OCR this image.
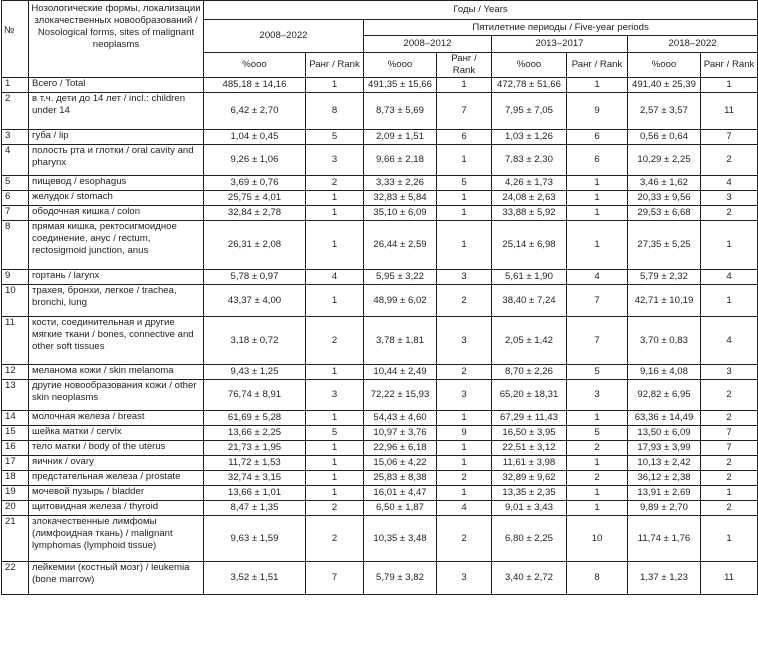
№	Нозологические формы, локализации злокачественных новообразований / Nosological forms, sites of malignant neoplasms	Годы / Years							
		2008–2022		Пятилетние периоды / Five-year periods					
				2008–2012		2013–2017		2018–2022	
		%ooo	Ранг / Rank	%ooo	Ранг / Rank	%ooo	Ранг / Rank	%ooo	Ранг / Rank
1	Всего / Total	485,18 ± 14,16	1	491,35 ± 15,66	1	472,78 ± 51,66	1	491,40 ± 25,39	1
2	в т.ч. дети до 14 лет / incl.: children under 14	6,42 ± 2,70	8	8,73 ± 5,69	7	7,95 ± 7,05	9	2,57 ± 3,57	11
3	губа / lip	1,04 ± 0,45	5	2,09 ± 1,51	6	1,03 ± 1,26	6	0,56 ± 0,64	7
4	полость рта и глотки / oral cavity and pharynx	9,26 ± 1,06	3	9,66 ± 2,18	1	7,83 ± 2,30	6	10,29 ± 2,25	2
5	пищевод / esophagus	3,69 ± 0,76	2	3,33 ± 2,26	5	4,26 ± 1,73	1	3,46 ± 1,62	4
6	желудок / stomach	25,75 ± 4,01	1	32,83 ± 5,84	1	24,08 ± 2,63	1	20,33 ± 9,56	3
7	ободочная кишка / colon	32,84 ± 2,78	1	35,10 ± 6,09	1	33,88 ± 5,92	1	29,53 ± 6,68	2
8	прямая кишка, ректосигмоидное соединение, анус / rectum, rectosigmoid junction, anus	26,31 ± 2,08	1	26,44 ± 2,59	1	25,14 ± 6,98	1	27,35 ± 5,25	1
9	гортань / larynx	5,78 ± 0,97	4	5,95 ± 3,22	3	5,61 ± 1,90	4	5,79 ± 2,32	4
10	трахея, бронхи, легкое / trachea, bronchi, lung	43,37 ± 4,00	1	48,99 ± 6,02	2	38,40 ± 7,24	7	42,71 ± 10,19	1
11	кости, соединительная и другие мягкие ткани / bones, connective and other soft tissues	3,18 ± 0,72	2	3,78 ± 1,81	3	2,05 ± 1,42	7	3,70 ± 0,83	4
12	меланома кожи / skin melanoma	9,43 ± 1,25	1	10,44 ± 2,49	2	8,70 ± 2,26	5	9,16 ± 4,08	3
13	другие новообразования кожи / other skin neoplasms	76,74 ± 8,91	3	72,22 ± 15,93	3	65,20 ± 18,31	3	92,82 ± 6,95	2
14	молочная железа / breast	61,69 ± 5,28	1	54,43 ± 4,60	1	67,29 ± 11,43	1	63,36 ± 14,49	2
15	шейка матки / cervix	13,66 ± 2,25	5	10,97 ± 3,76	9	16,50 ± 3,95	5	13,50 ± 6,09	7
16	тело матки / body of the uterus	21,73 ± 1,95	1	22,96 ± 6,18	1	22,51 ± 3,12	2	17,93 ± 3,99	7
17	яичник / ovary	11,72 ± 1,53	1	15,06 ± 4,22	1	11,61 ± 3,98	1	10,13 ± 2,42	2
18	предстательная железа / prostate	32,74 ± 3,15	1	25,83 ± 8,38	2	32,89 ± 9,62	2	36,12 ± 2,38	2
19	мочевой пузырь / bladder	13,66 ± 1,01	1	16,01 ± 4,47	1	13,35 ± 2,35	1	13,91 ± 2,69	1
20	щитовидная железа / thyroid	8,47 ± 1,35	2	6,50 ± 1,87	4	9,01 ± 3,43	1	9,89 ± 2,70	2
21	злокачественные лимфомы (лимфоидная ткань) / malignant lymphomas (lymphoid tissue)	9,63 ± 1,59	2	10,35 ± 3,48	2	6,80 ± 2,25	10	11,74 ± 1,76	1
22	лейкемии (костный мозг) / leukemia (bone marrow)	3,52 ± 1,51	7	5,79 ± 3,82	3	3,40 ± 2,72	8	1,37 ± 1,23	11
